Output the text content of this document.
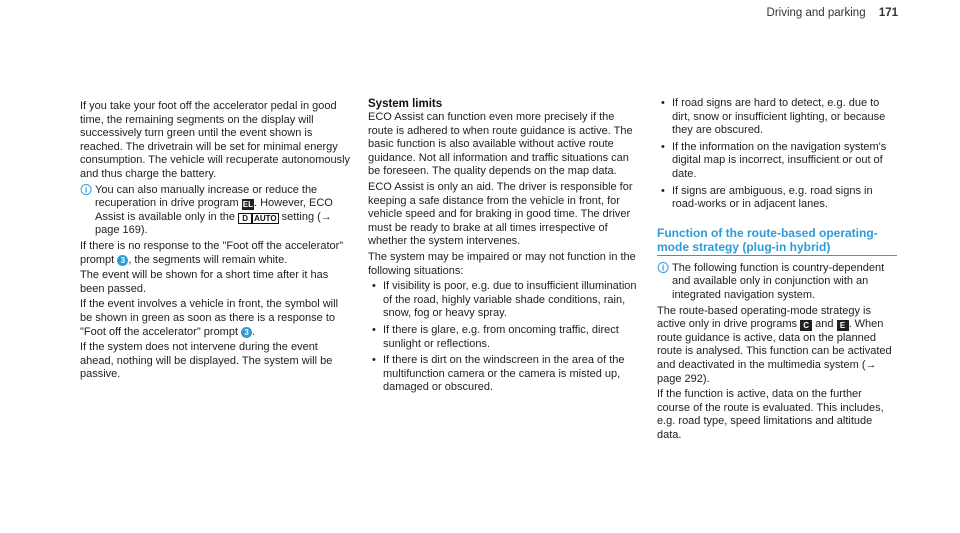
Driving and parking 171

If you take your foot off the accelerator pedal in good time, the remaining segments on the display will successively turn green until the event shown is reached. The drivetrain will be set for minimal energy consumption. The vehicle will recuperate autonomously and thus charge the battery.

🛈 You can also manually increase or reduce the recuperation in drive program EL. However, ECO Assist is available only in the D AUTO setting (→ page 169).

If there is no response to the "Foot off the accelerator" prompt 3 , the segments will remain white.

The event will be shown for a short time after it has been passed.

If the event involves a vehicle in front, the symbol will be shown in green as soon as there is a response to "Foot off the accelerator" prompt 3 .

If the system does not intervene during the event ahead, nothing will be displayed. The system will be passive.

System limits

ECO Assist can function even more precisely if the route is adhered to when route guidance is active. The basic function is also available without active route guidance. Not all information and traffic situations can be foreseen. The quality depends on the map data.

ECO Assist is only an aid. The driver is responsible for keeping a safe distance from the vehicle in front, for vehicle speed and for braking in good time. The driver must be ready to brake at all times irrespective of whether the system intervenes.

The system may be impaired or may not function in the following situations:

• If visibility is poor, e.g. due to insufficient illumination of the road, highly variable shade conditions, rain, snow, fog or heavy spray.
• If there is glare, e.g. from oncoming traffic, direct sunlight or reflections.
• If there is dirt on the windscreen in the area of the multifunction camera or the camera is misted up, damaged or obscured.
• If road signs are hard to detect, e.g. due to dirt, snow or insufficient lighting, or because they are obscured.
• If the information on the navigation system's digital map is incorrect, insufficient or out of date.
• If signs are ambiguous, e.g. road signs in road-works or in adjacent lanes.
Function of the route-based operating-mode strategy (plug-in hybrid)

🛈 The following function is country-dependent and available only in conjunction with an integrated navigation system.

The route-based operating-mode strategy is active only in drive programs C and E . When route guidance is active, data on the planned route is analysed. This function can be activated and deactivated in the multimedia system (→ page 292).

If the function is active, data on the further course of the route is evaluated. This includes, e.g. road type, speed limitations and altitude data.
